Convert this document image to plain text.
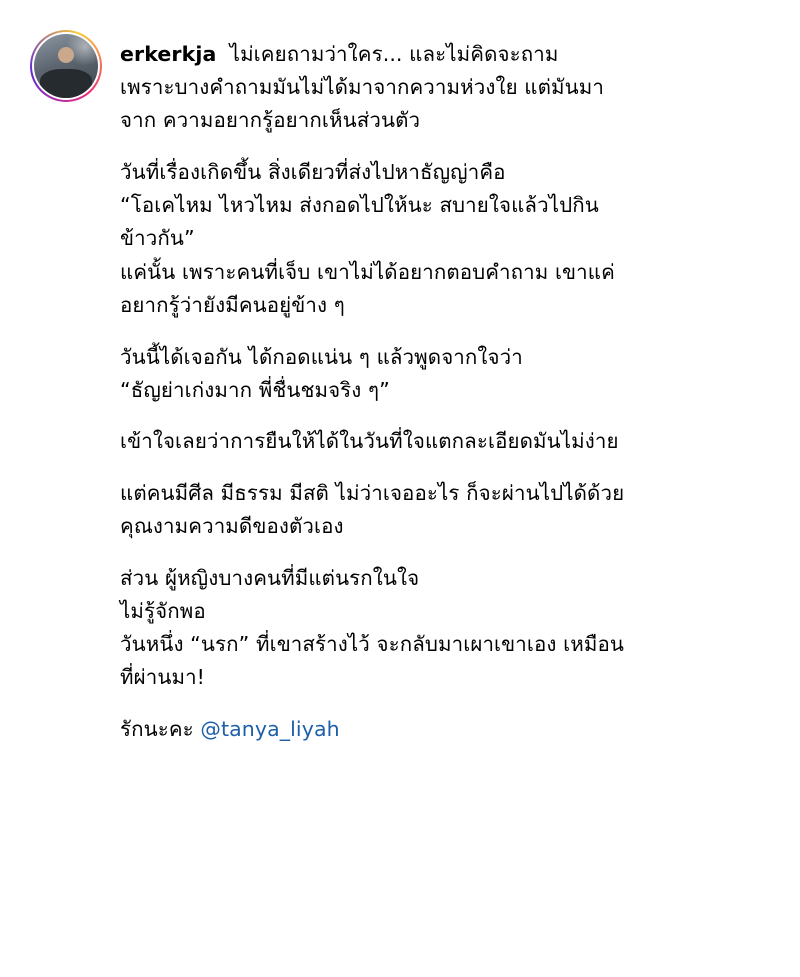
erkerkja ไม่เคยถามว่าใคร... และไม่คิดจะถาม
เพราะบางคำถามมันไม่ได้มาจากความห่วงใย แต่มันมา
จาก ความอยากรู้อยากเห็นส่วนตัว

วันที่เรื่องเกิดขึ้น สิ่งเดียวที่ส่งไปหาธัญญ่าคือ
“โอเคไหม ไหวไหม ส่งกอดไปให้นะ สบายใจแล้วไปกิน
ข้าวกัน”
แค่นั้น เพราะคนที่เจ็บ เขาไม่ได้อยากตอบคำถาม เขาแค่
อยากรู้ว่ายังมีคนอยู่ข้าง ๆ

วันนี้ได้เจอกัน ได้กอดแน่น ๆ แล้วพูดจากใจว่า
“ธัญย่าเก่งมาก พี่ชื่นชมจริง ๆ”

เข้าใจเลยว่าการยืนให้ได้ในวันที่ใจแตกละเอียดมันไม่ง่าย

แต่คนมีศีล มีธรรม มีสติ ไม่ว่าเจออะไร ก็จะผ่านไปได้ด้วย
คุณงามความดีของตัวเอง

ส่วน ผู้หญิงบางคนที่มีแต่นรกในใจ
ไม่รู้จักพอ
วันหนึ่ง “นรก” ที่เขาสร้างไว้ จะกลับมาเผาเขาเอง เหมือน
ที่ผ่านมา!

รักนะคะ @tanya_liyah
